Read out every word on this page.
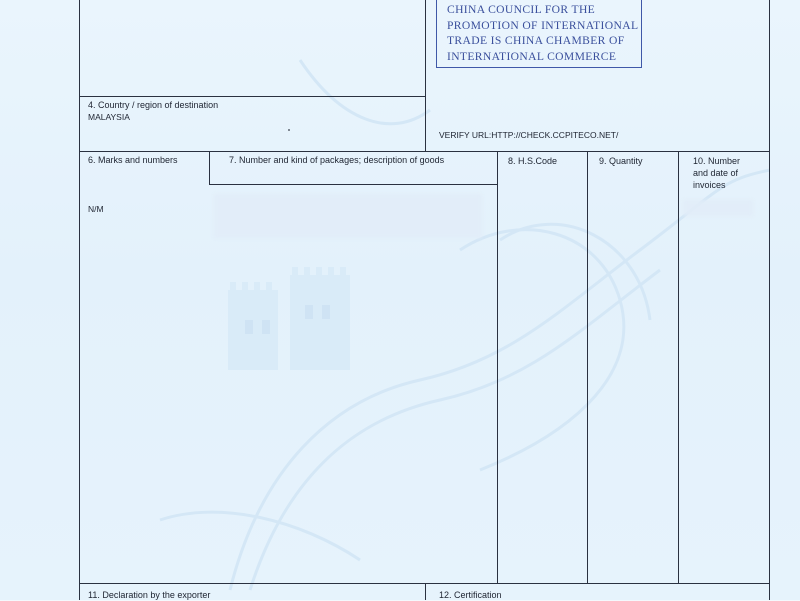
CHINA COUNCIL FOR THE
PROMOTION OF INTERNATIONAL
TRADE IS CHINA CHAMBER OF
INTERNATIONAL COMMERCE
4. Country / region of destination
MALAYSIA
VERIFY URL:HTTP://CHECK.CCPITECO.NET/
6. Marks and numbers	7. Number and kind of packages; description of goods	8. H.S.Code	9. Quantity	10. Number
and date of
invoices
N/M
11. Declaration by the exporter	12. Certification
